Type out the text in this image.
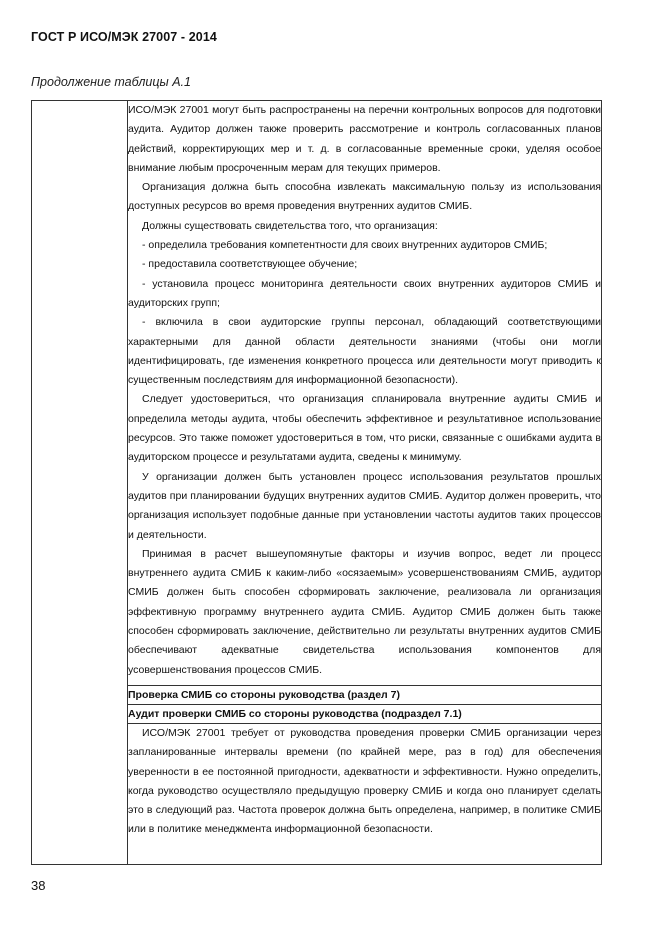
ГОСТ Р ИСО/МЭК 27007 - 2014

Продолжение таблицы А.1

ИСО/МЭК 27001 могут быть распространены на перечни контрольных вопросов для подготовки аудита. Аудитор должен также проверить рассмотрение и контроль согласованных планов действий, корректирующих мер и т. д. в согласованные временные сроки, уделяя особое внимание любым просроченным мерам для текущих примеров.

Организация должна быть способна извлекать максимальную пользу из использования доступных ресурсов во время проведения внутренних аудитов СМИБ.

Должны существовать свидетельства того, что организация:

- определила требования компетентности для своих внутренних аудиторов СМИБ;

- предоставила соответствующее обучение;

- установила процесс мониторинга деятельности своих внутренних аудиторов СМИБ и аудиторских групп;

- включила в свои аудиторские группы персонал, обладающий соответствующими характерными для данной области деятельности знаниями (чтобы они могли идентифицировать, где изменения конкретного процесса или деятельности могут приводить к существенным последствиям для информационной безопасности).

Следует удостовериться, что организация спланировала внутренние аудиты СМИБ и определила методы аудита, чтобы обеспечить эффективное и результативное использование ресурсов. Это также поможет удостовериться в том, что риски, связанные с ошибками аудита в аудиторском процессе и результатами аудита, сведены к минимуму.

У организации должен быть установлен процесс использования результатов прошлых аудитов при планировании будущих внутренних аудитов СМИБ. Аудитор должен проверить, что организация использует подобные данные при установлении частоты аудитов таких процессов и деятельности.

Принимая в расчет вышеупомянутые факторы и изучив вопрос, ведет ли процесс внутреннего аудита СМИБ к каким-либо «осязаемым» усовершенствованиям СМИБ, аудитор СМИБ должен быть способен сформировать заключение, реализовала ли организация эффективную программу внутреннего аудита СМИБ. Аудитор СМИБ должен быть также способен сформировать заключение, действительно ли результаты внутренних аудитов СМИБ обеспечивают адекватные свидетельства использования компонентов для усовершенствования процессов СМИБ.

Проверка СМИБ со стороны руководства (раздел 7)
Аудит проверки СМИБ со стороны руководства (подраздел 7.1)

ИСО/МЭК 27001 требует от руководства проведения проверки СМИБ организации через запланированные интервалы времени (по крайней мере, раз в год) для обеспечения уверенности в ее постоянной пригодности, адекватности и эффективности. Нужно определить, когда руководство осуществляло предыдущую проверку СМИБ и когда оно планирует сделать это в следующий раз. Частота проверок должна быть определена, например, в политике СМИБ или в политике менеджмента информационной безопасности.

38
